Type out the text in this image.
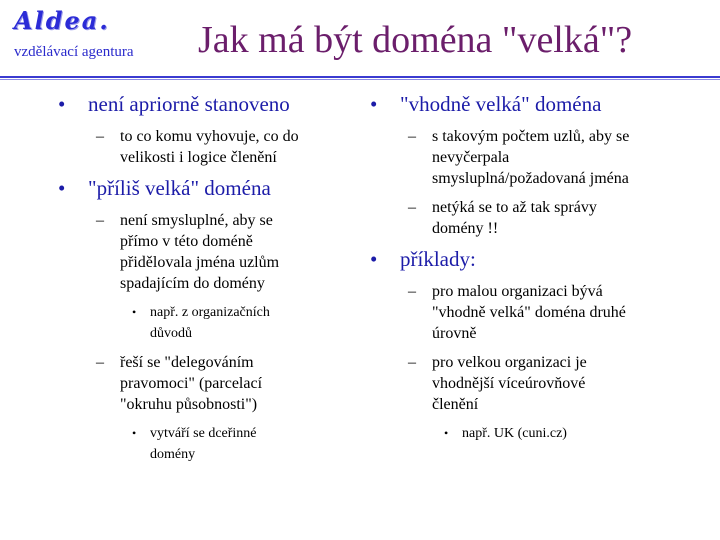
Aldea.
vzdělávací agentura Jak má být doména "velká"?
•	není apriorně stanoveno
–	to co komu vyhovuje, co do
velikosti i logice členění
•	"příliš velká" doména
–	není smysluplné, aby se
přímo v této doméně
přidělovala jména uzlům
spadajícím do domény
• např. z organizačních
důvodů
–	řeší se "delegováním
pravomoci" (parcelací
"okruhu působnosti")
• vytváří se dceřinné
domény
•	"vhodně velká" doména
–	s takovým počtem uzlů, aby se
nevyčerpala
smysluplná/požadovaná jména
–	netýká se to až tak správy
domény !!
•	příklady:
–	pro malou organizaci bývá
"vhodně velká" doména druhé
úrovně
–	pro velkou organizaci je
vhodnější víceúrovňové
členění
• např. UK (cuni.cz)
